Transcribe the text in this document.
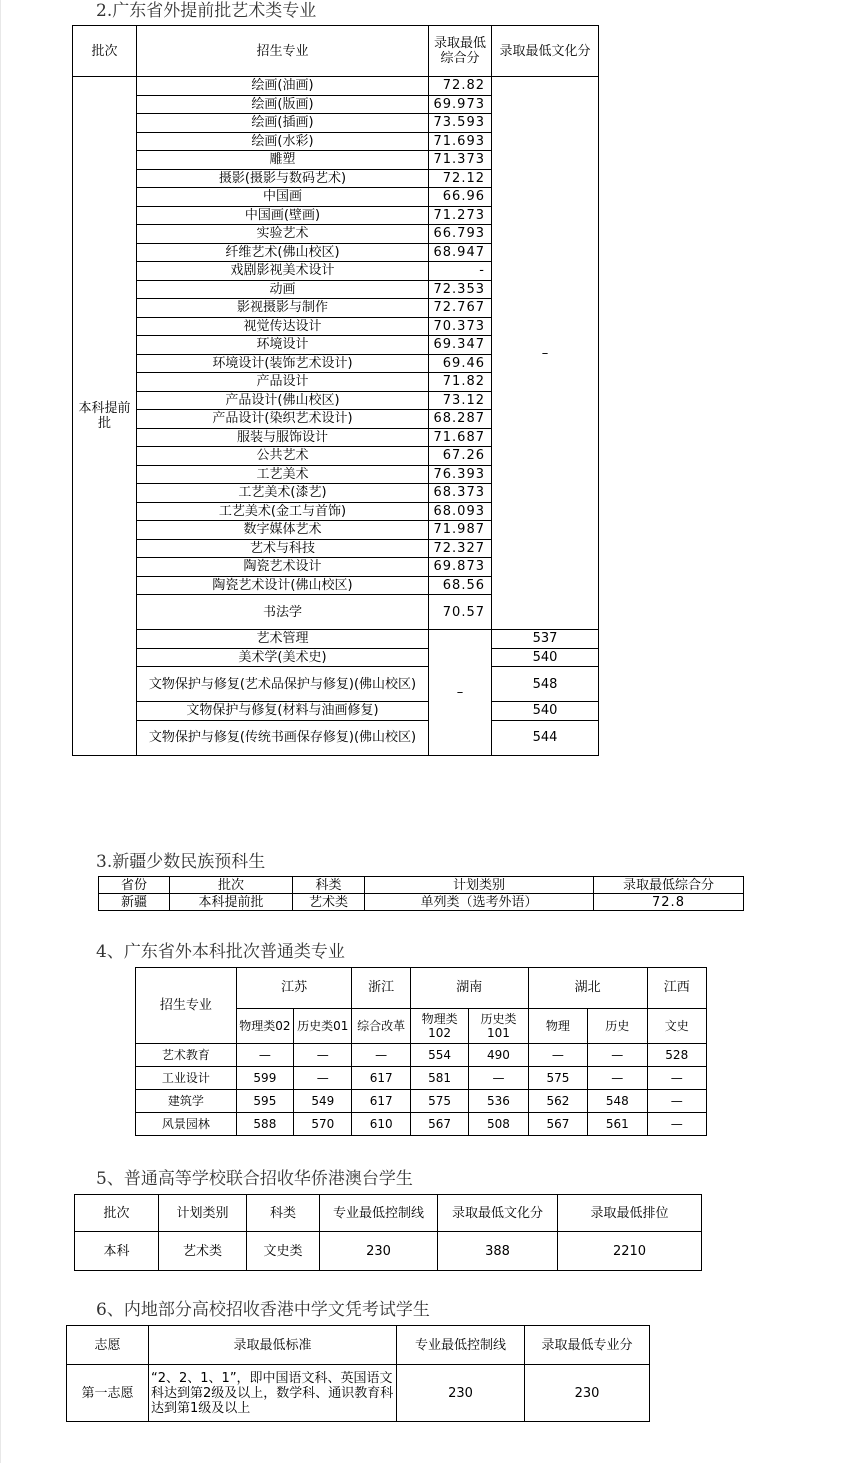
2.广东省外提前批艺术类专业
批次	招生专业	录取最低综合分	录取最低文化分
本科提前批	绘画(油画)	72.82	–
	绘画(版画)	69.973	
	绘画(插画)	73.593	
	绘画(水彩)	71.693	
	雕塑	71.373	
	摄影(摄影与数码艺术)	72.12	
	中国画	66.96	
	中国画(壁画)	71.273	
	实验艺术	66.793	
	纤维艺术(佛山校区)	68.947	
	戏剧影视美术设计	-	
	动画	72.353	
	影视摄影与制作	72.767	
	视觉传达设计	70.373	
	环境设计	69.347	
	环境设计(装饰艺术设计)	69.46	
	产品设计	71.82	
	产品设计(佛山校区)	73.12	
	产品设计(染织艺术设计)	68.287	
	服装与服饰设计	71.687	
	公共艺术	67.26	
	工艺美术	76.393	
	工艺美术(漆艺)	68.373	
	工艺美术(金工与首饰)	68.093	
	数字媒体艺术	71.987	
	艺术与科技	72.327	
	陶瓷艺术设计	69.873	
	陶瓷艺术设计(佛山校区)	68.56	
	书法学	70.57	
	艺术管理	–	537
	美术学(美术史)		540
	文物保护与修复(艺术品保护与修复)(佛山校区)		548
	文物保护与修复(材料与油画修复)		540
	文物保护与修复(传统书画保存修复)(佛山校区)		544
3.新疆少数民族预科生
省份	批次	科类	计划类别	录取最低综合分
新疆	本科提前批	艺术类	单列类（选考外语）	72.8
4、广东省外本科批次普通类专业
招生专业	江苏		浙江	湖南		湖北		江西
	物理类02	历史类01	综合改革	物理类102	历史类101	物理	历史	文史
艺术教育	—	—	—	554	490	—	—	528
工业设计	599	—	617	581	—	575	—	—
建筑学	595	549	617	575	536	562	548	—
风景园林	588	570	610	567	508	567	561	—
5、普通高等学校联合招收华侨港澳台学生
批次	计划类别	科类	专业最低控制线	录取最低文化分	录取最低排位
本科	艺术类	文史类	230	388	2210
6、内地部分高校招收香港中学文凭考试学生
志愿	录取最低标准	专业最低控制线	录取最低专业分
第一志愿	“2、2、1、1”，即中国语文科、英国语文科达到第2级及以上，数学科、通识教育科达到第1级及以上	230	230
